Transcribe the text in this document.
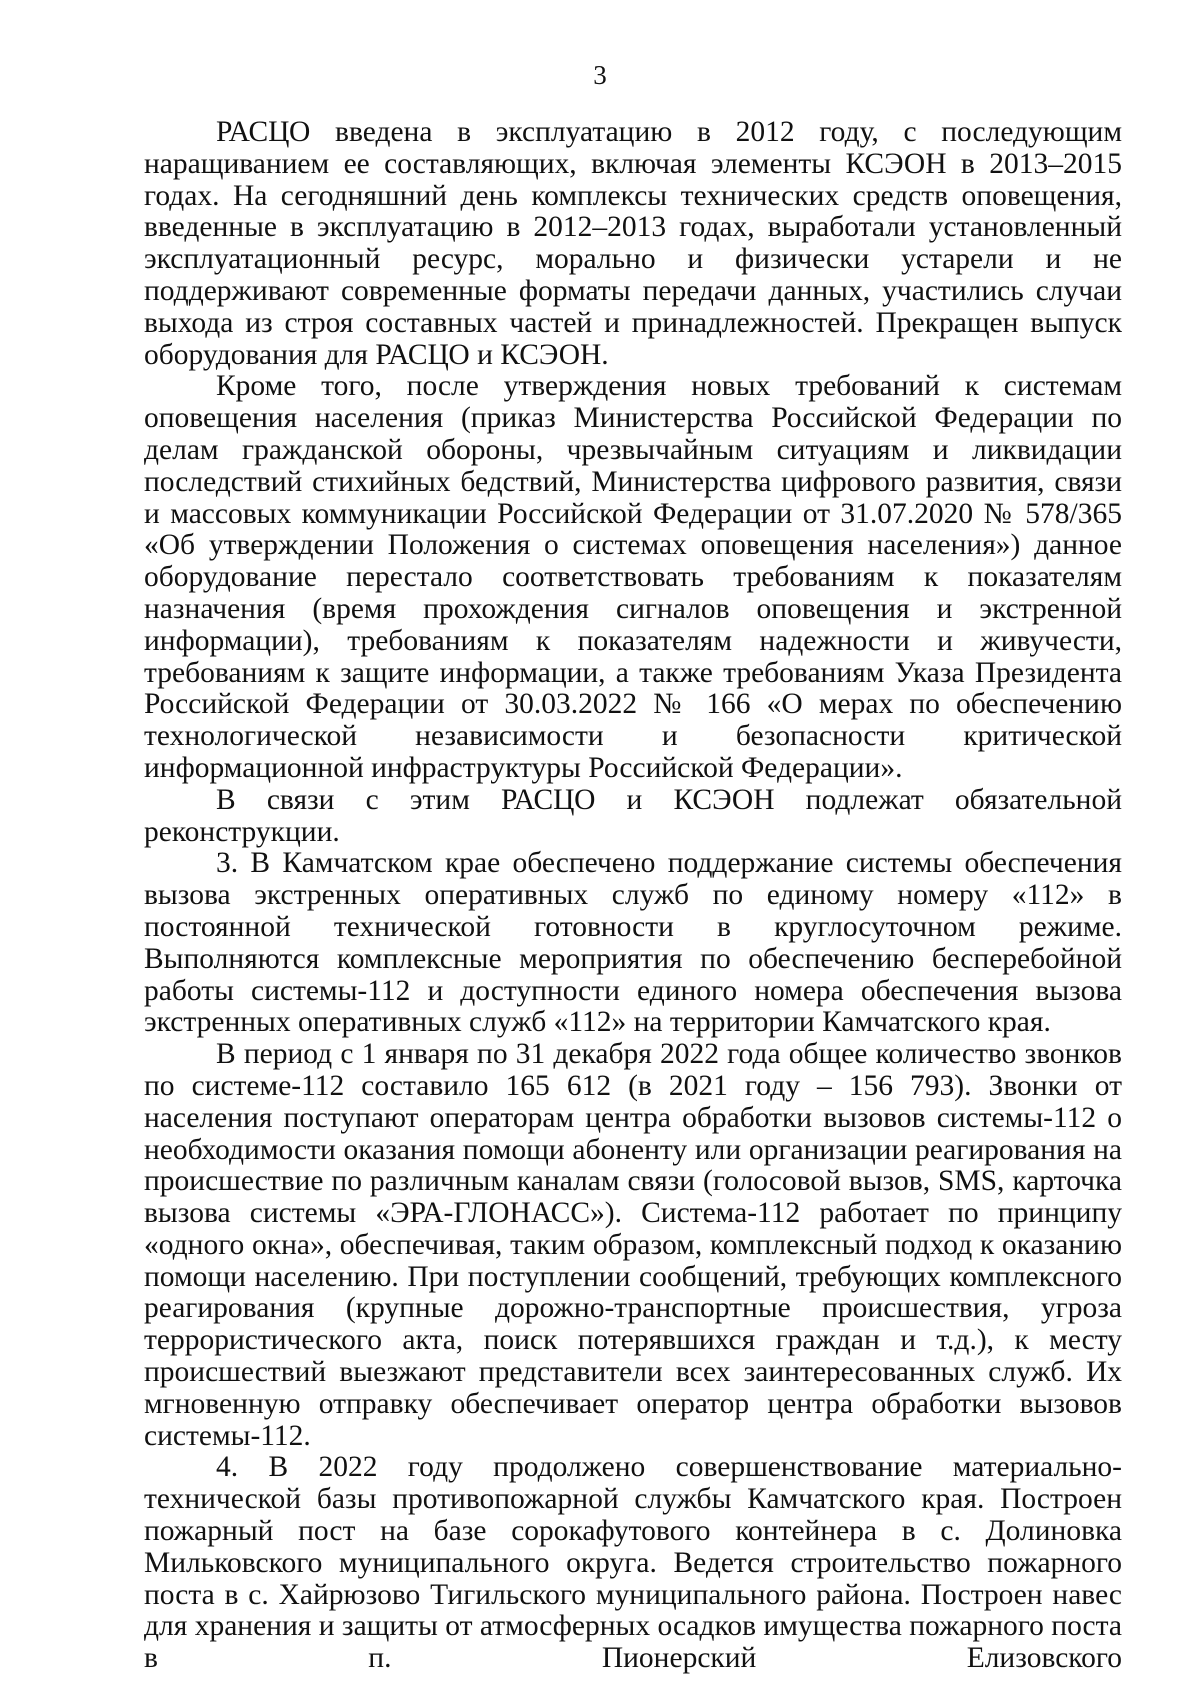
3

РАСЦО введена в эксплуатацию в 2012 году, с последующим наращиванием ее составляющих, включая элементы КСЭОН в 2013–2015 годах. На сегодняшний день комплексы технических средств оповещения, введенные в эксплуатацию в 2012–2013 годах, выработали установленный эксплуатационный ресурс, морально и физически устарели и не поддерживают современные форматы передачи данных, участились случаи выхода из строя составных частей и принадлежностей. Прекращен выпуск оборудования для РАСЦО и КСЭОН.

Кроме того, после утверждения новых требований к системам оповещения населения (приказ Министерства Российской Федерации по делам гражданской обороны, чрезвычайным ситуациям и ликвидации последствий стихийных бедствий, Министерства цифрового развития, связи и массовых коммуникации Российской Федерации от 31.07.2020 № 578/365 «Об утверждении Положения о системах оповещения населения») данное оборудование перестало соответствовать требованиям к показателям назначения (время прохождения сигналов оповещения и экстренной информации), требованиям к показателям надежности и живучести, требованиям к защите информации, а также требованиям Указа Президента Российской Федерации от 30.03.2022 № 166 «О мерах по обеспечению технологической независимости и безопасности критической информационной инфраструктуры Российской Федерации».

В связи с этим РАСЦО и КСЭОН подлежат обязательной реконструкции.

3. В Камчатском крае обеспечено поддержание системы обеспечения вызова экстренных оперативных служб по единому номеру «112» в постоянной технической готовности в круглосуточном режиме. Выполняются комплексные мероприятия по обеспечению бесперебойной работы системы-112 и доступности единого номера обеспечения вызова экстренных оперативных служб «112» на территории Камчатского края.

В период с 1 января по 31 декабря 2022 года общее количество звонков по системе-112 составило 165 612 (в 2021 году – 156 793). Звонки от населения поступают операторам центра обработки вызовов системы-112 о необходимости оказания помощи абоненту или организации реагирования на происшествие по различным каналам связи (голосовой вызов, SMS, карточка вызова системы «ЭРА-ГЛОНАСС»). Система-112 работает по принципу «одного окна», обеспечивая, таким образом, комплексный подход к оказанию помощи населению. При поступлении сообщений, требующих комплексного реагирования (крупные дорожно-транспортные происшествия, угроза террористического акта, поиск потерявшихся граждан и т.д.), к месту происшествий выезжают представители всех заинтересованных служб. Их мгновенную отправку обеспечивает оператор центра обработки вызовов системы-112.

4. В 2022 году продолжено совершенствование материально-технической базы противопожарной службы Камчатского края. Построен пожарный пост на базе сорокафутового контейнера в с. Долиновка Мильковского муниципального округа. Ведется строительство пожарного поста в с. Хайрюзово Тигильского муниципального района. Построен навес для хранения и защиты от атмосферных осадков имущества пожарного поста в п. Пионерский Елизовского
